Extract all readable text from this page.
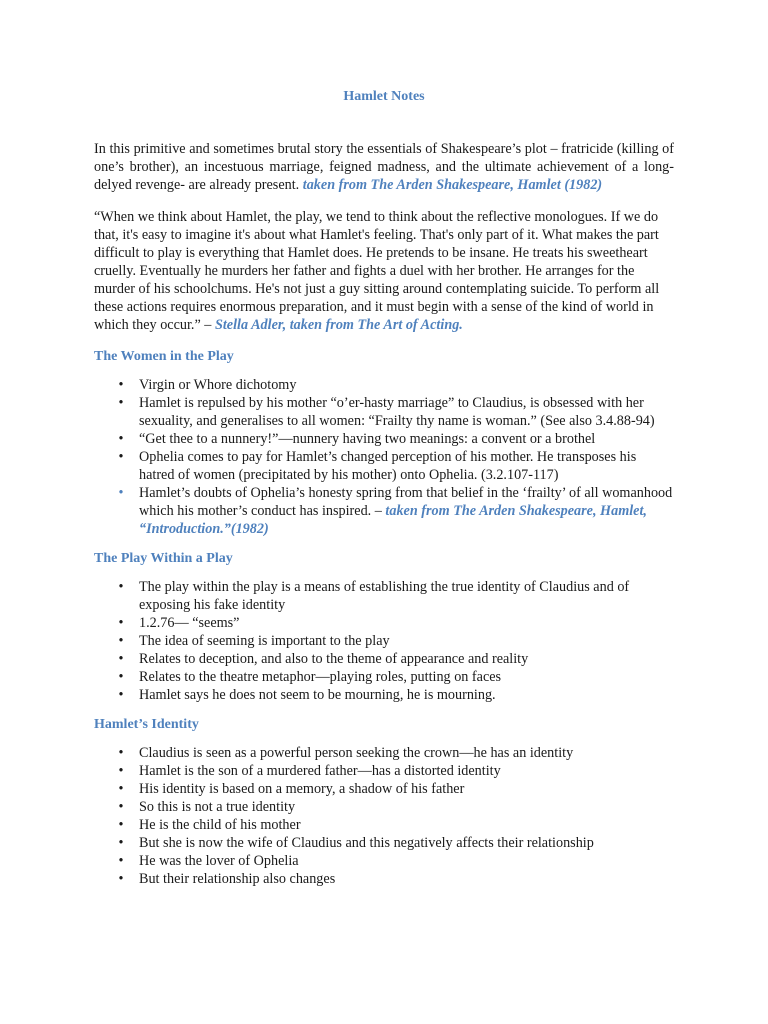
Hamlet Notes

In this primitive and sometimes brutal story the essentials of Shakespeare’s plot – fratricide (killing of one’s brother), an incestuous marriage, feigned madness, and the ultimate achievement of a long-delyed revenge- are already present. taken from The Arden Shakespeare, Hamlet (1982)

“When we think about Hamlet, the play, we tend to think about the reflective monologues. If we do that, it's easy to imagine it's about what Hamlet's feeling. That's only part of it. What makes the part difficult to play is everything that Hamlet does. He pretends to be insane. He treats his sweetheart cruelly. Eventually he murders her father and fights a duel with her brother. He arranges for the murder of his schoolchums. He's not just a guy sitting around contemplating suicide. To perform all these actions requires enormous preparation, and it must begin with a sense of the kind of world in which they occur.” – Stella Adler, taken from The Art of Acting.

The Women in the Play
• Virgin or Whore dichotomy
• Hamlet is repulsed by his mother “o’er-hasty marriage” to Claudius, is obsessed with her sexuality, and generalises to all women: “Frailty thy name is woman.” (See also 3.4.88-94)
• “Get thee to a nunnery!”—nunnery having two meanings: a convent or a brothel
• Ophelia comes to pay for Hamlet’s changed perception of his mother. He transposes his hatred of women (precipitated by his mother) onto Ophelia. (3.2.107-117)
• Hamlet’s doubts of Ophelia’s honesty spring from that belief in the ‘frailty’ of all womanhood which his mother’s conduct has inspired. – taken from The Arden Shakespeare, Hamlet, “Introduction.”(1982)
The Play Within a Play
• The play within the play is a means of establishing the true identity of Claudius and of exposing his fake identity
• 1.2.76— “seems”
• The idea of seeming is important to the play
• Relates to deception, and also to the theme of appearance and reality
• Relates to the theatre metaphor—playing roles, putting on faces
• Hamlet says he does not seem to be mourning, he is mourning.
Hamlet’s Identity
• Claudius is seen as a powerful person seeking the crown—he has an identity
• Hamlet is the son of a murdered father—has a distorted identity
• His identity is based on a memory, a shadow of his father
• So this is not a true identity
• He is the child of his mother
• But she is now the wife of Claudius and this negatively affects their relationship
• He was the lover of Ophelia
• But their relationship also changes
